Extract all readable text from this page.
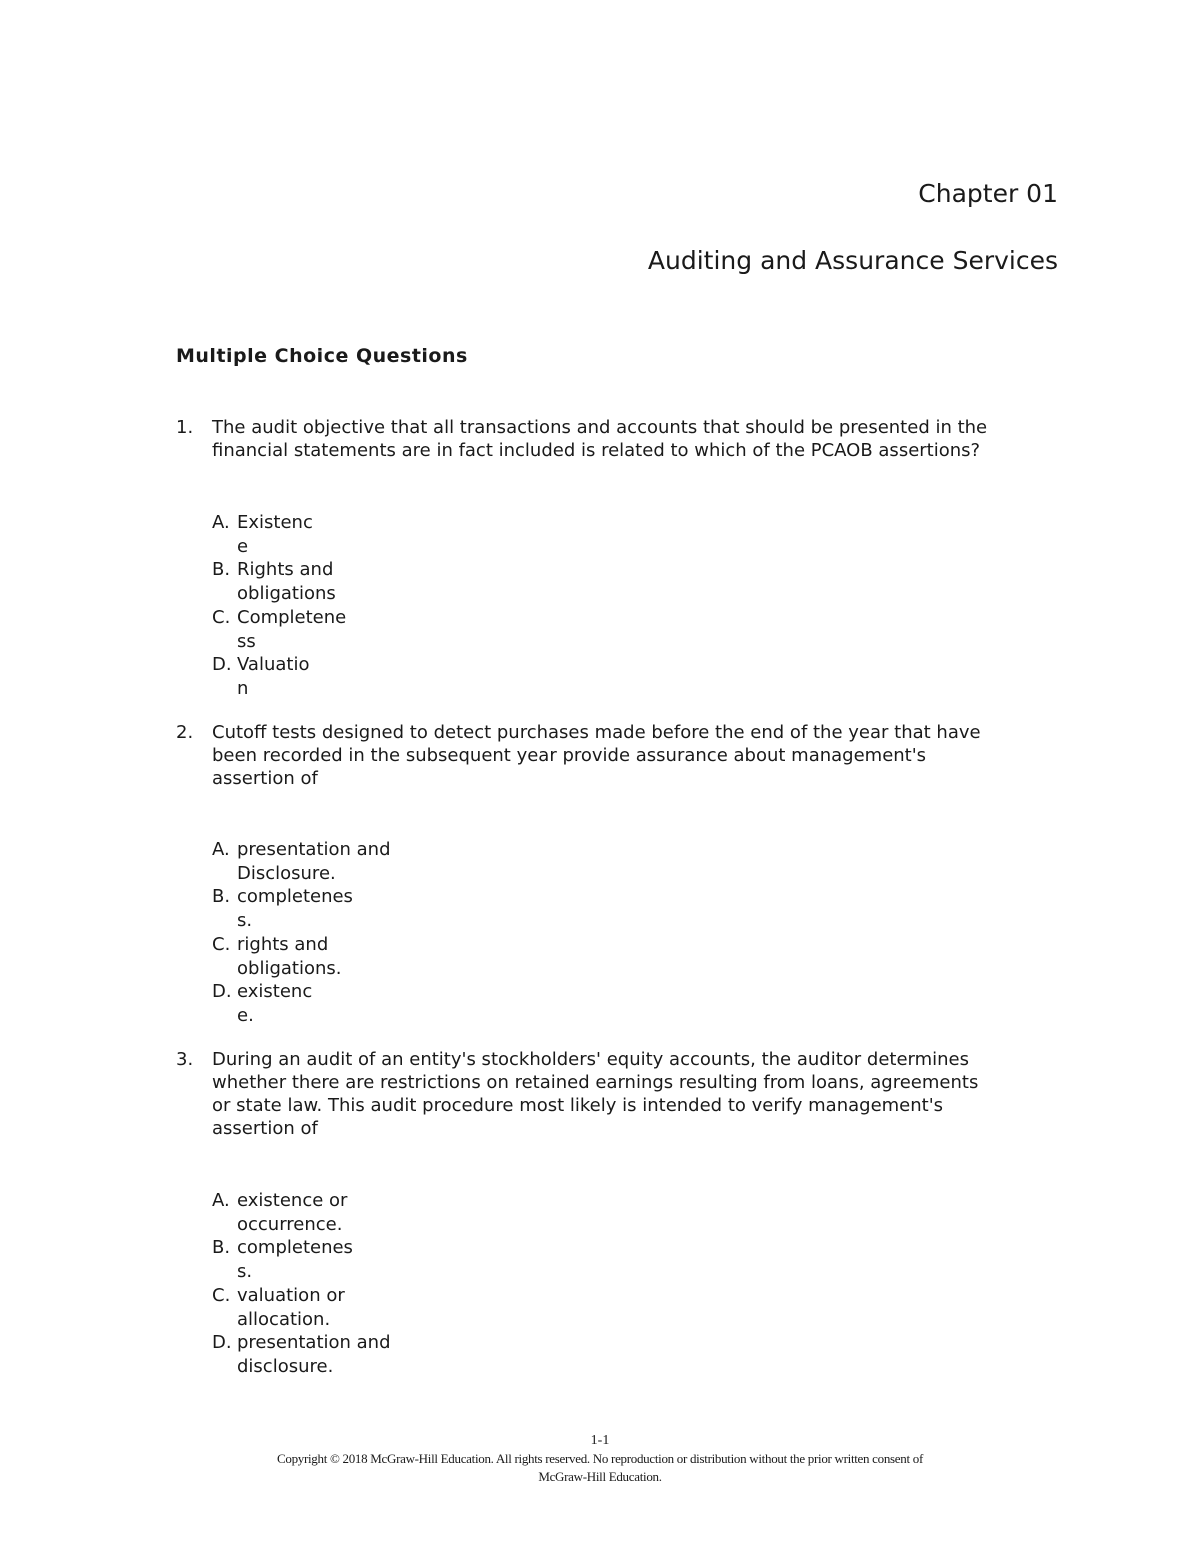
Chapter 01
Auditing and Assurance Services
Multiple Choice Questions
1.	The audit objective that all transactions and accounts that should be presented in the
financial statements are in fact included is related to which of the PCAOB assertions?
A. Existenc
e
B. Rights and
obligations
C. Completene
ss
D. Valuatio
n
2.	Cutoff tests designed to detect purchases made before the end of the year that have
been recorded in the subsequent year provide assurance about management's
assertion of
A. presentation and
Disclosure.
B. completenes
s.
C. rights and
obligations.
D. existenc
e.
3.	During an audit of an entity's stockholders' equity accounts, the auditor determines
whether there are restrictions on retained earnings resulting from loans, agreements
or state law. This audit procedure most likely is intended to verify management's
assertion of
A. existence or
occurrence.
B. completenes
s.
C. valuation or
allocation.
D. presentation and
disclosure.
1-1
Copyright © 2018 McGraw-Hill Education. All rights reserved. No reproduction or distribution without the prior written consent of
McGraw-Hill Education.
